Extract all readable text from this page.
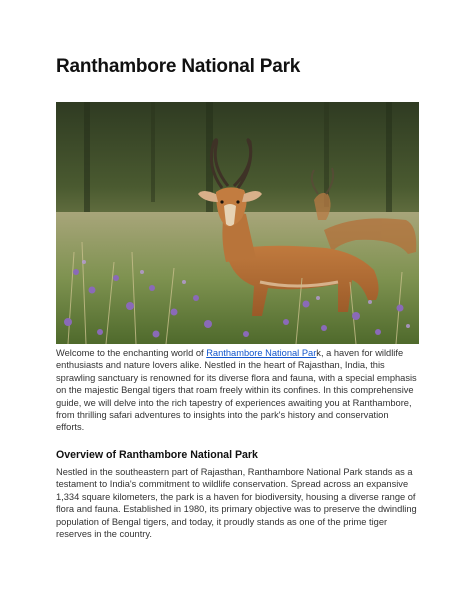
Ranthambore National Park

Welcome to the enchanting world of Ranthambore National Park, a haven for wildlife enthusiasts and nature lovers alike. Nestled in the heart of Rajasthan, India, this sprawling sanctuary is renowned for its diverse flora and fauna, with a special emphasis on the majestic Bengal tigers that roam freely within its confines. In this comprehensive guide, we will delve into the rich tapestry of experiences awaiting you at Ranthambore, from thrilling safari adventures to insights into the park's history and conservation efforts.

Overview of Ranthambore National Park

Nestled in the southeastern part of Rajasthan, Ranthambore National Park stands as a testament to India's commitment to wildlife conservation. Spread across an expansive 1,334 square kilometers, the park is a haven for biodiversity, housing a diverse range of flora and fauna. Established in 1980, its primary objective was to preserve the dwindling population of Bengal tigers, and today, it proudly stands as one of the prime tiger reserves in the country.
